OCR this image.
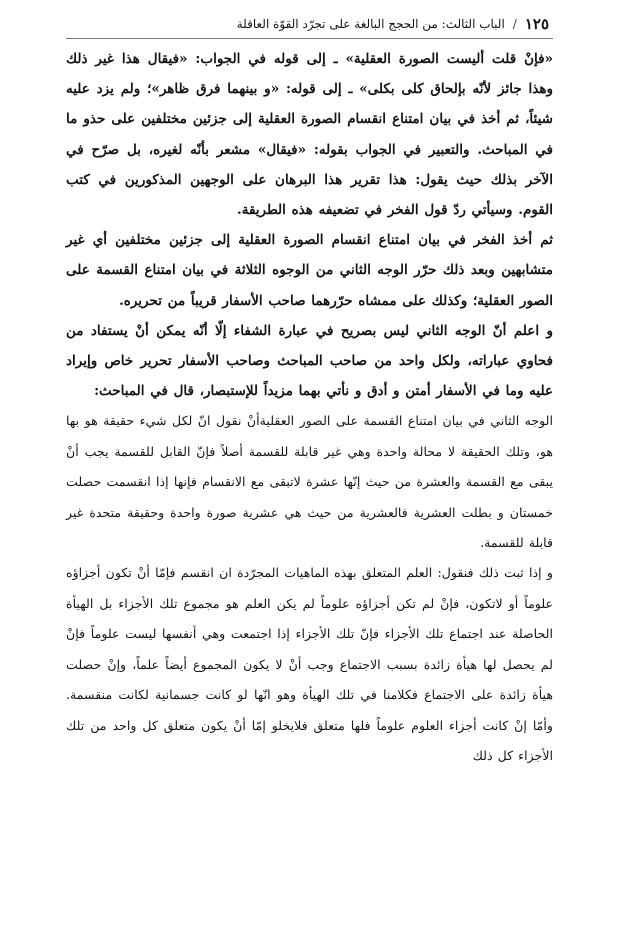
١٢٥
/
الباب الثالث: من الحجج البالغة على تجرّد القوّة العاقلة

«فإنْ قلت أليست الصورة العقلية» ـ إلى قوله في الجواب: «فيقال هذا غير ذلك وهذا جائز لأنّه بإلحاق كلى بكلى» ـ إلى قوله: «و بينهما فرق ظاهر»؛ ولم يزد عليه شيئاً، ثم أخذ في بيان امتناع انقسام الصورة العقلية إلى جزئين مختلفين على حذو ما في المباحث. والتعبير في الجواب بقوله: «فيقال» مشعر بأنّه لغيره، بل صرّح في الآخر بذلك حيث يقول: هذا تقرير هذا البرهان على الوجهين المذكورين في كتب القوم. وسيأتي ردّ قول الفخر في تضعيفه هذه الطريقة.

ثم أخذ الفخر في بيان امتناع انقسام الصورة العقلية إلى جزئين مختلفين أي غير متشابهين وبعد ذلك حرّر الوجه الثاني من الوجوه الثلاثة في بيان امتناع القسمة على الصور العقلية؛ وكذلك على ممشاه حرّرهما صاحب الأسفار قريباً من تحريره.

و اعلم أنّ الوجه الثاني ليس بصريح في عبارة الشفاء إلّا أنّه يمكن أنْ يستفاد من فحاوي عباراته، ولكل واحد من صاحب المباحث وصاحب الأسفار تحرير خاص وإيراد عليه وما في الأسفار أمتن و أدق و نأتي بهما مزيداً للإستبصار، قال في المباحث:

الوجه الثاني في بيان امتناع القسمة على الصور العقليةأنْ نقول انّ لكل شيء حقيقة هو بها هو، وتلك الحقيقة لا محالة واحدة وهي غير قابلة للقسمة أصلاً فإنّ القابل للقسمة يجب أنْ يبقى مع القسمة والعشرة من حيث إنّها عشرة لاتبقى مع الانقسام فإنها إذا انقسمت حصلت خمستان و بطلت العشرية فالعشرية من حيث هي عشرية صورة واحدة وحقيقة متحدة غير قابلة للقسمة.

و إذا ثبت ذلك فنقول: العلم المتعلق بهذه الماهيات المجرّدة ان انقسم فإمّا أنْ تكون أجزاؤه علوماً أو لاتكون، فإنْ لم تكن أجزاؤه علوماً لم يكن العلم هو مجموع تلك الأجزاء بل الهيأة الحاصلة عند اجتماع تلك الأجزاء فإنّ تلك الأجزاء إذا اجتمعت وهي أنفسها ليست علوماً فإنْ لم يحصل لها هيأة زائدة بسبب الاجتماع وجب أنْ لا يكون المجموع أيضاً علماً، وإنْ حصلت هيأة زائدة على الاجتماع فكلامنا في تلك الهيأة وهو انّها لو كانت جسمانية لكانت منقسمة. وأمّا إنْ كانت أجزاء العلوم علوماً فلها متعلق فلايخلو إمّا أنْ يكون متعلق كل واحد من تلك الأجزاء كل ذلك
